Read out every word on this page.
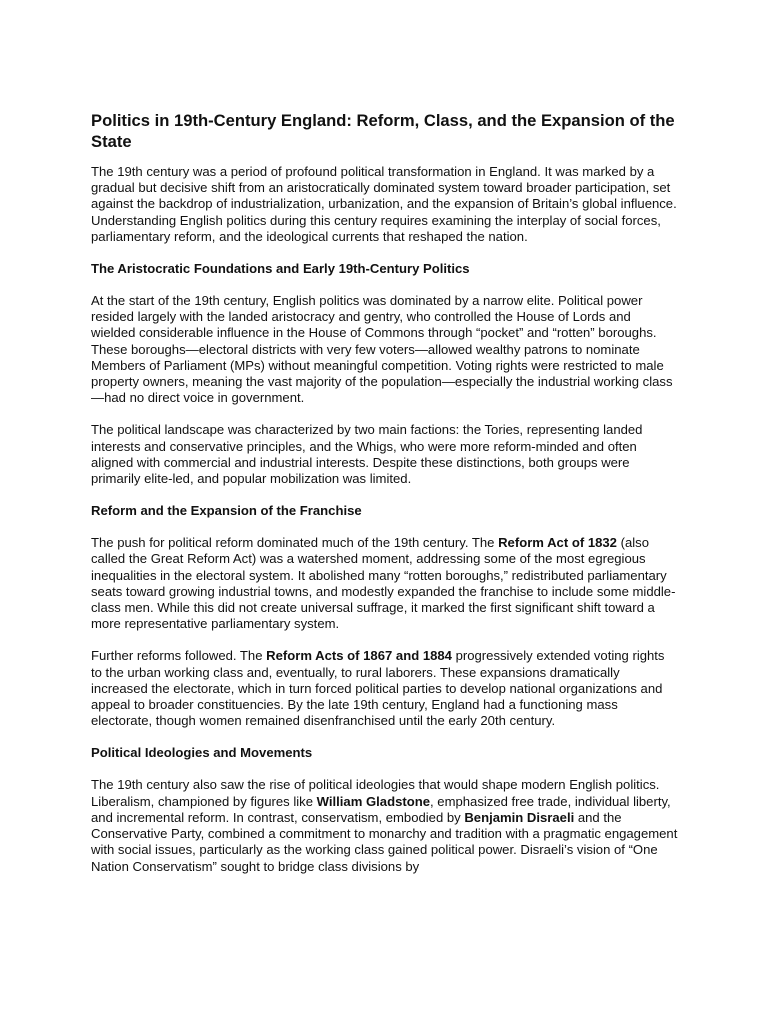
Politics in 19th-Century England: Reform, Class, and the Expansion of the State

The 19th century was a period of profound political transformation in England. It was marked by a gradual but decisive shift from an aristocratically dominated system toward broader participation, set against the backdrop of industrialization, urbanization, and the expansion of Britain’s global influence. Understanding English politics during this century requires examining the interplay of social forces, parliamentary reform, and the ideological currents that reshaped the nation.

The Aristocratic Foundations and Early 19th-Century Politics

At the start of the 19th century, English politics was dominated by a narrow elite. Political power resided largely with the landed aristocracy and gentry, who controlled the House of Lords and wielded considerable influence in the House of Commons through “pocket” and “rotten” boroughs. These boroughs—electoral districts with very few voters—allowed wealthy patrons to nominate Members of Parliament (MPs) without meaningful competition. Voting rights were restricted to male property owners, meaning the vast majority of the population—especially the industrial working class—had no direct voice in government.

The political landscape was characterized by two main factions: the Tories, representing landed interests and conservative principles, and the Whigs, who were more reform-minded and often aligned with commercial and industrial interests. Despite these distinctions, both groups were primarily elite-led, and popular mobilization was limited.

Reform and the Expansion of the Franchise

The push for political reform dominated much of the 19th century. The Reform Act of 1832 (also called the Great Reform Act) was a watershed moment, addressing some of the most egregious inequalities in the electoral system. It abolished many “rotten boroughs,” redistributed parliamentary seats toward growing industrial towns, and modestly expanded the franchise to include some middle-class men. While this did not create universal suffrage, it marked the first significant shift toward a more representative parliamentary system.

Further reforms followed. The Reform Acts of 1867 and 1884 progressively extended voting rights to the urban working class and, eventually, to rural laborers. These expansions dramatically increased the electorate, which in turn forced political parties to develop national organizations and appeal to broader constituencies. By the late 19th century, England had a functioning mass electorate, though women remained disenfranchised until the early 20th century.

Political Ideologies and Movements

The 19th century also saw the rise of political ideologies that would shape modern English politics. Liberalism, championed by figures like William Gladstone, emphasized free trade, individual liberty, and incremental reform. In contrast, conservatism, embodied by Benjamin Disraeli and the Conservative Party, combined a commitment to monarchy and tradition with a pragmatic engagement with social issues, particularly as the working class gained political power. Disraeli’s vision of “One Nation Conservatism” sought to bridge class divisions by
